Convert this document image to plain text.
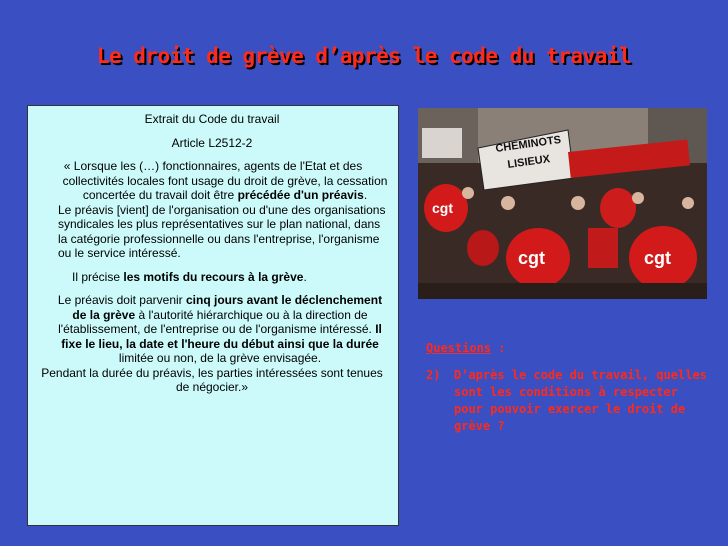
Le droit de grève d’après le code du travail

Extrait du Code du travail

Article L2512-2

« Lorsque les (…) fonctionnaires, agents de l'Etat et des collectivités locales font usage du droit de grève, la cessation concertée du travail doit être précédée d'un préavis.

Le préavis [vient] de l'organisation ou d'une des organisations syndicales les plus représentatives sur le plan national, dans la catégorie professionnelle ou dans l'entreprise, l'organisme ou le service intéressé.

Il précise les motifs du recours à la grève.

Le préavis doit parvenir cinq jours avant le déclenchement de la grève à l'autorité hiérarchique ou à la direction de l'établissement, de l'entreprise ou de l'organisme intéressé. Il fixe le lieu, la date et l'heure du début ainsi que la durée limitée ou non, de la grève envisagée.

Pendant la durée du préavis, les parties intéressées sont tenues de négocier.»

CHEMINOTS
LISIEUX
cgt
cgt	cgt
Questions :
2)	D’après le code du travail, quelles sont les conditions à respecter pour pouvoir exercer le droit de grève ?
